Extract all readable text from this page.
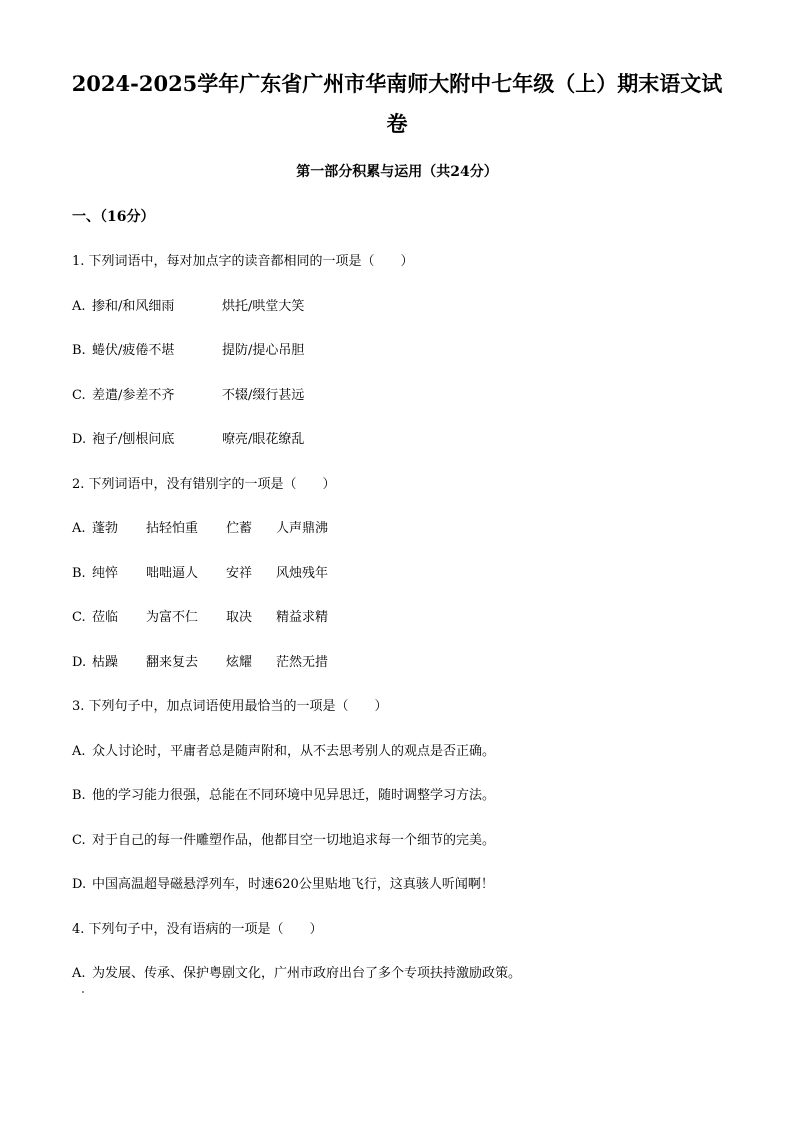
2024-2025学年广东省广州市华南师大附中七年级（上）期末语文试
卷
第一部分积累与运用（共24分）
一、（16分）
1. 下列词语中，每对加点字的读音都相同的一项是（ ）
A. 掺和/和风细雨	烘托/哄堂大笑
B. 蜷伏/疲倦不堪	提防/提心吊胆
C. 差遣/参差不齐	不辍/缀行甚远
D. 袍子/刨根问底	嘹亮/眼花缭乱
2. 下列词语中，没有错别字的一项是（ ）
A. 蓬勃 拈轻怕重 伫蓄 人声鼎沸
B. 纯悴 咄咄逼人 安祥 风烛残年
C. 莅临 为富不仁 取决 精益求精
D. 枯躁 翻来复去 炫耀 茫然无措
3. 下列句子中，加点词语使用最恰当的一项是（ ）
A. 众人讨论时，平庸者总是随声附和，从不去思考别人的观点是否正确。
B. 他的学习能力很强，总能在不同环境中见异思迁，随时调整学习方法。
C. 对于自己的每一件雕塑作品，他都目空一切地追求每一个细节的完美。
D. 中国高温超导磁悬浮列车，时速620公里贴地飞行，这真骇人听闻啊！
4. 下列句子中，没有语病的一项是（ ）
A. 为发展、传承、保护粤剧文化，广州市政府出台了多个专项扶持激励政策。
